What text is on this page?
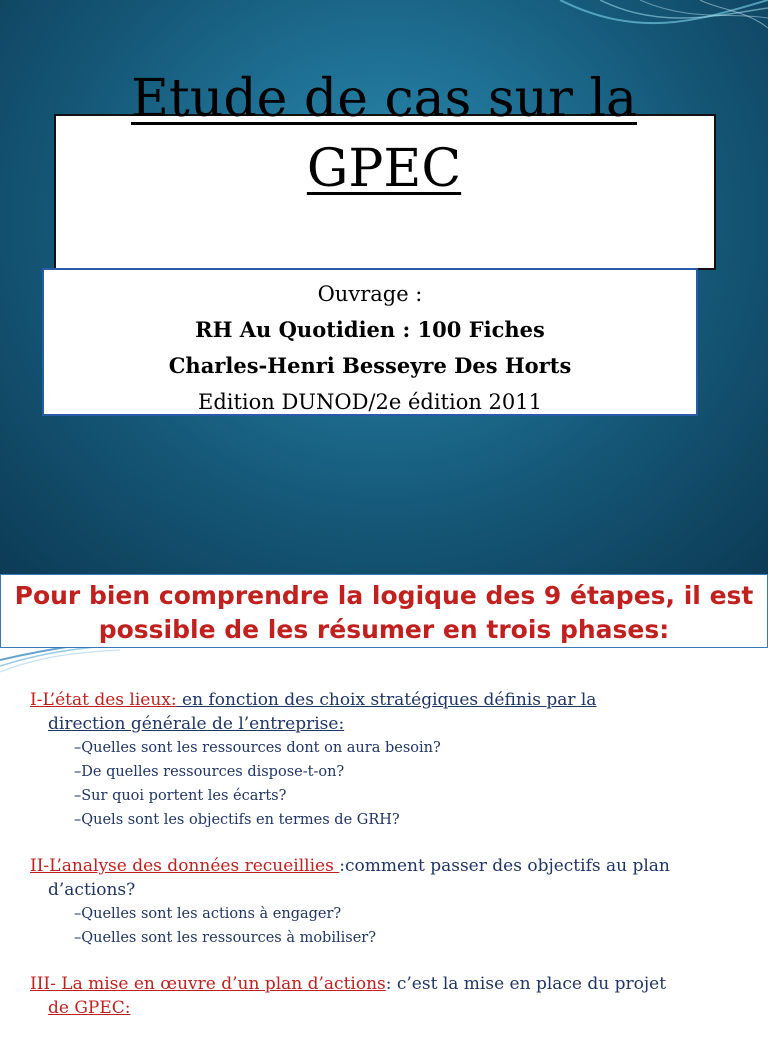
Etude de cas sur la
GPEC
Ouvrage :
RH Au Quotidien : 100 Fiches
Charles-Henri Besseyre Des Horts
Edition DUNOD/2e édition 2011
Pour bien comprendre la logique des 9 étapes, il est
possible de les résumer en trois phases:
I-L’état des lieux: en fonction des choix stratégiques définis par la
direction générale de l’entreprise:
–Quelles sont les ressources dont on aura besoin?
–De quelles ressources dispose-t-on?
–Sur quoi portent les écarts?
–Quels sont les objectifs en termes de GRH?
II-L’analyse des données recueillies :comment passer des objectifs au plan
d’actions?
–Quelles sont les actions à engager?
–Quelles sont les ressources à mobiliser?
III- La mise en œuvre d’un plan d’actions: c’est la mise en place du projet
de GPEC:
